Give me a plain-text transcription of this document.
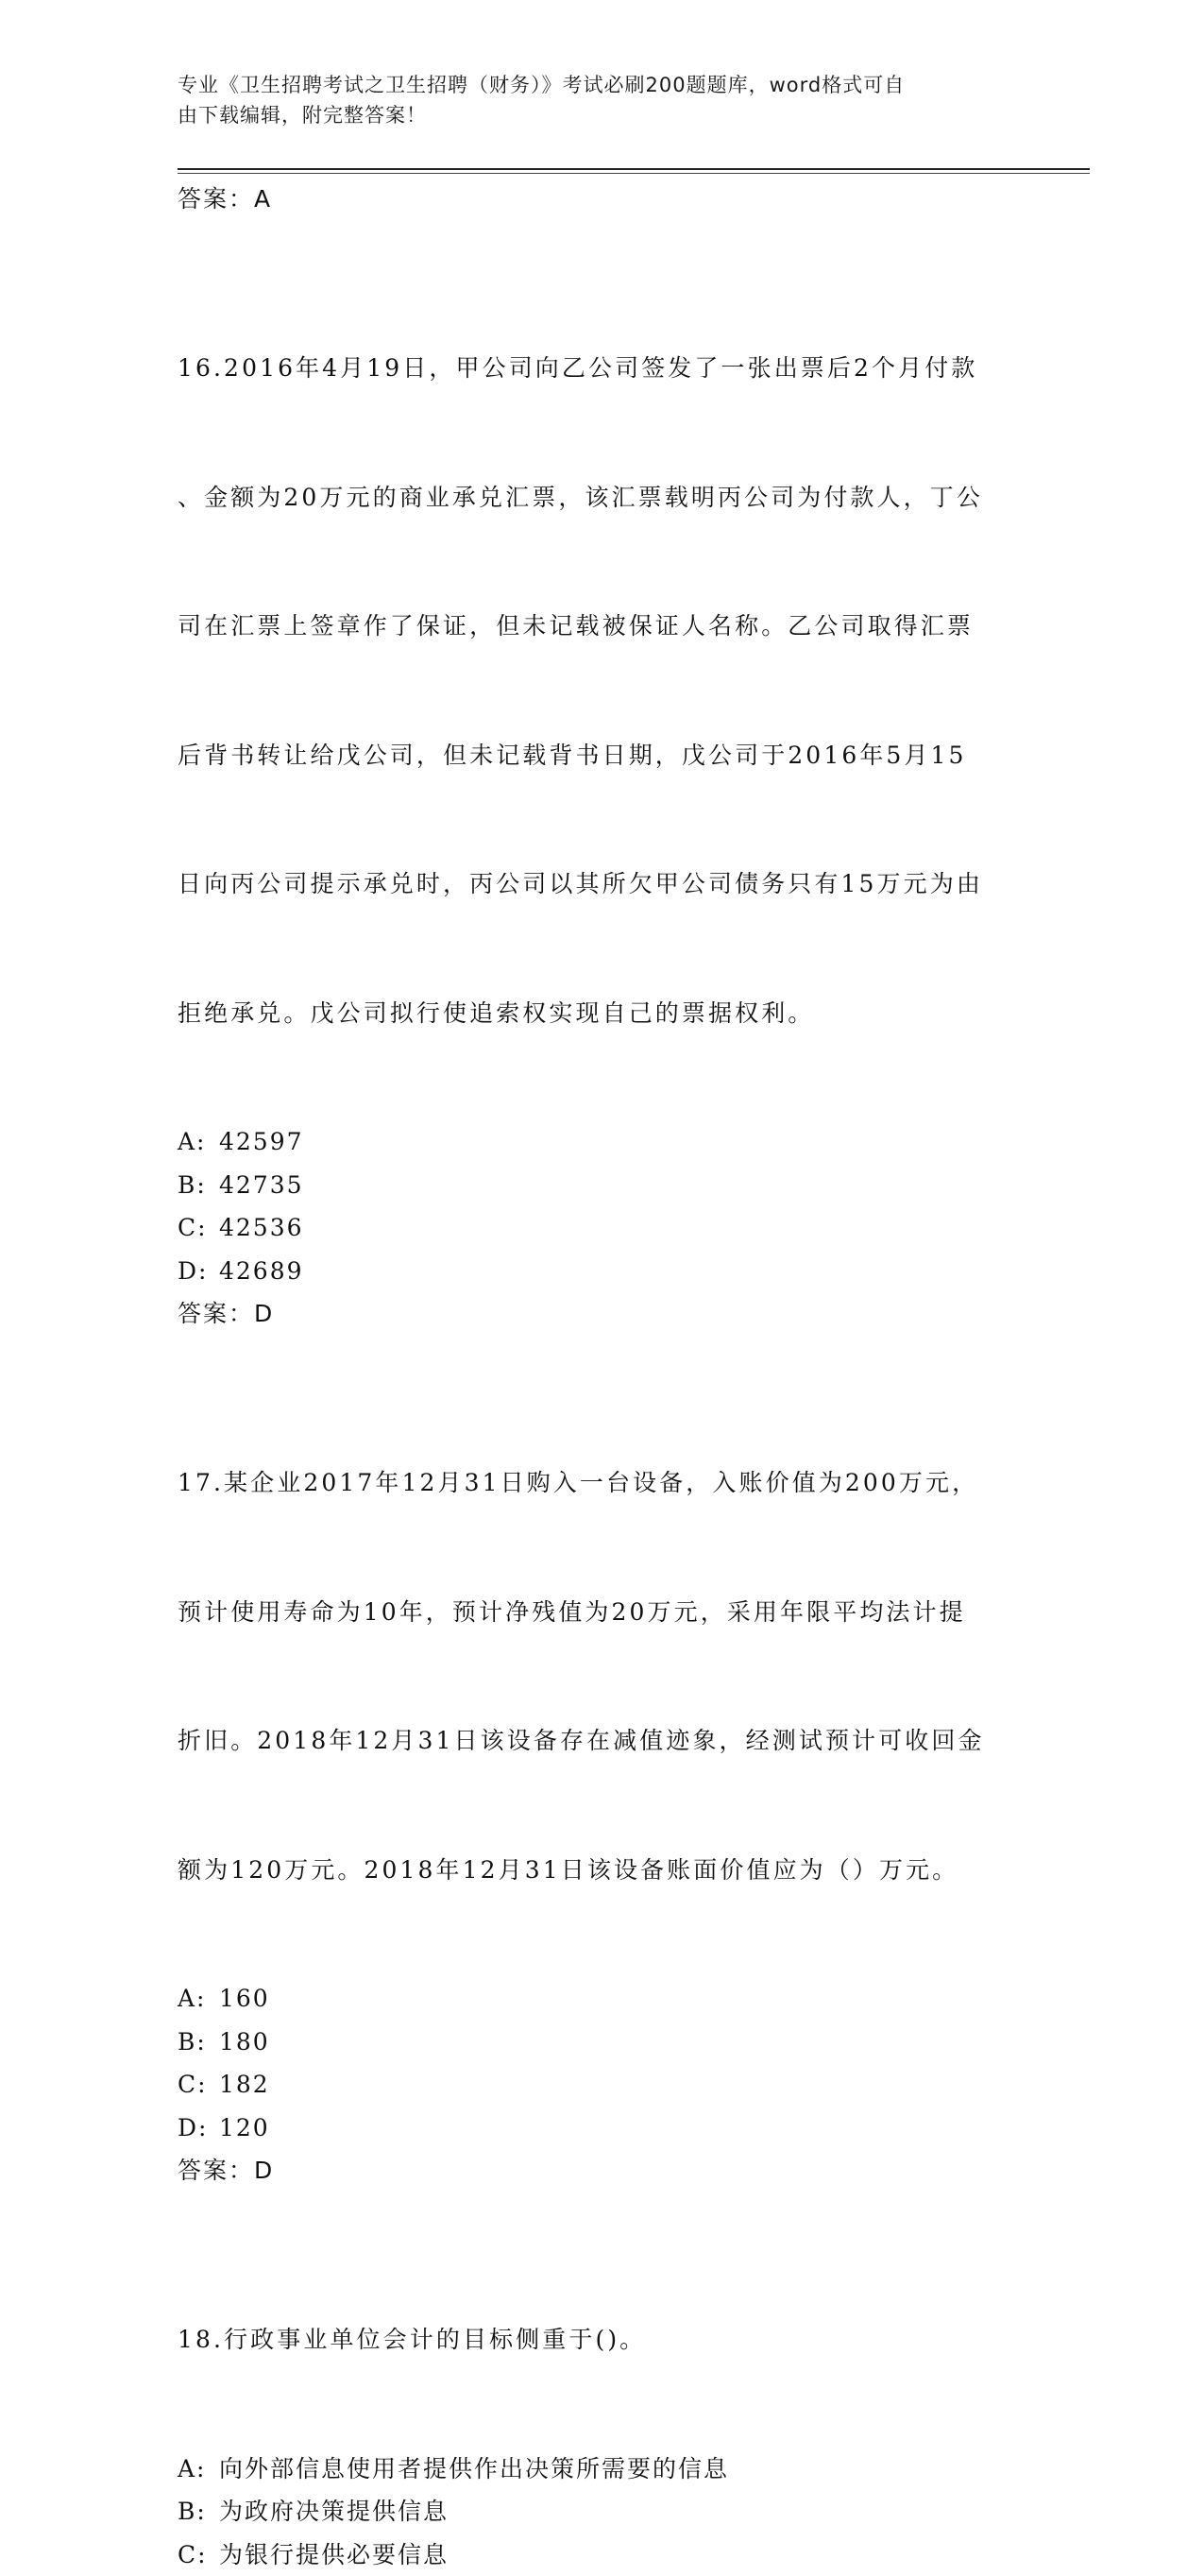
专业《卫生招聘考试之卫生招聘（财务）》考试必刷200题题库，word格式可自
由下载编辑，附完整答案！
答案：A

16.2016年4月19日，甲公司向乙公司签发了一张出票后2个月付款

、金额为20万元的商业承兑汇票，该汇票载明丙公司为付款人，丁公

司在汇票上签章作了保证，但未记载被保证人名称。乙公司取得汇票

后背书转让给戊公司，但未记载背书日期，戊公司于2016年5月15

日向丙公司提示承兑时，丙公司以其所欠甲公司债务只有15万元为由

拒绝承兑。戊公司拟行使追索权实现自己的票据权利。

A: 42597
B: 42735
C: 42536
D: 42689
答案：D

17.某企业2017年12月31日购入一台设备，入账价值为200万元，

预计使用寿命为10年，预计净残值为20万元，采用年限平均法计提

折旧。2018年12月31日该设备存在减值迹象，经测试预计可收回金

额为120万元。2018年12月31日该设备账面价值应为（）万元。

A: 160
B: 180
C: 182
D: 120
答案：D

18.行政事业单位会计的目标侧重于()。

A: 向外部信息使用者提供作出决策所需要的信息
B: 为政府决策提供信息
C: 为银行提供必要信息
